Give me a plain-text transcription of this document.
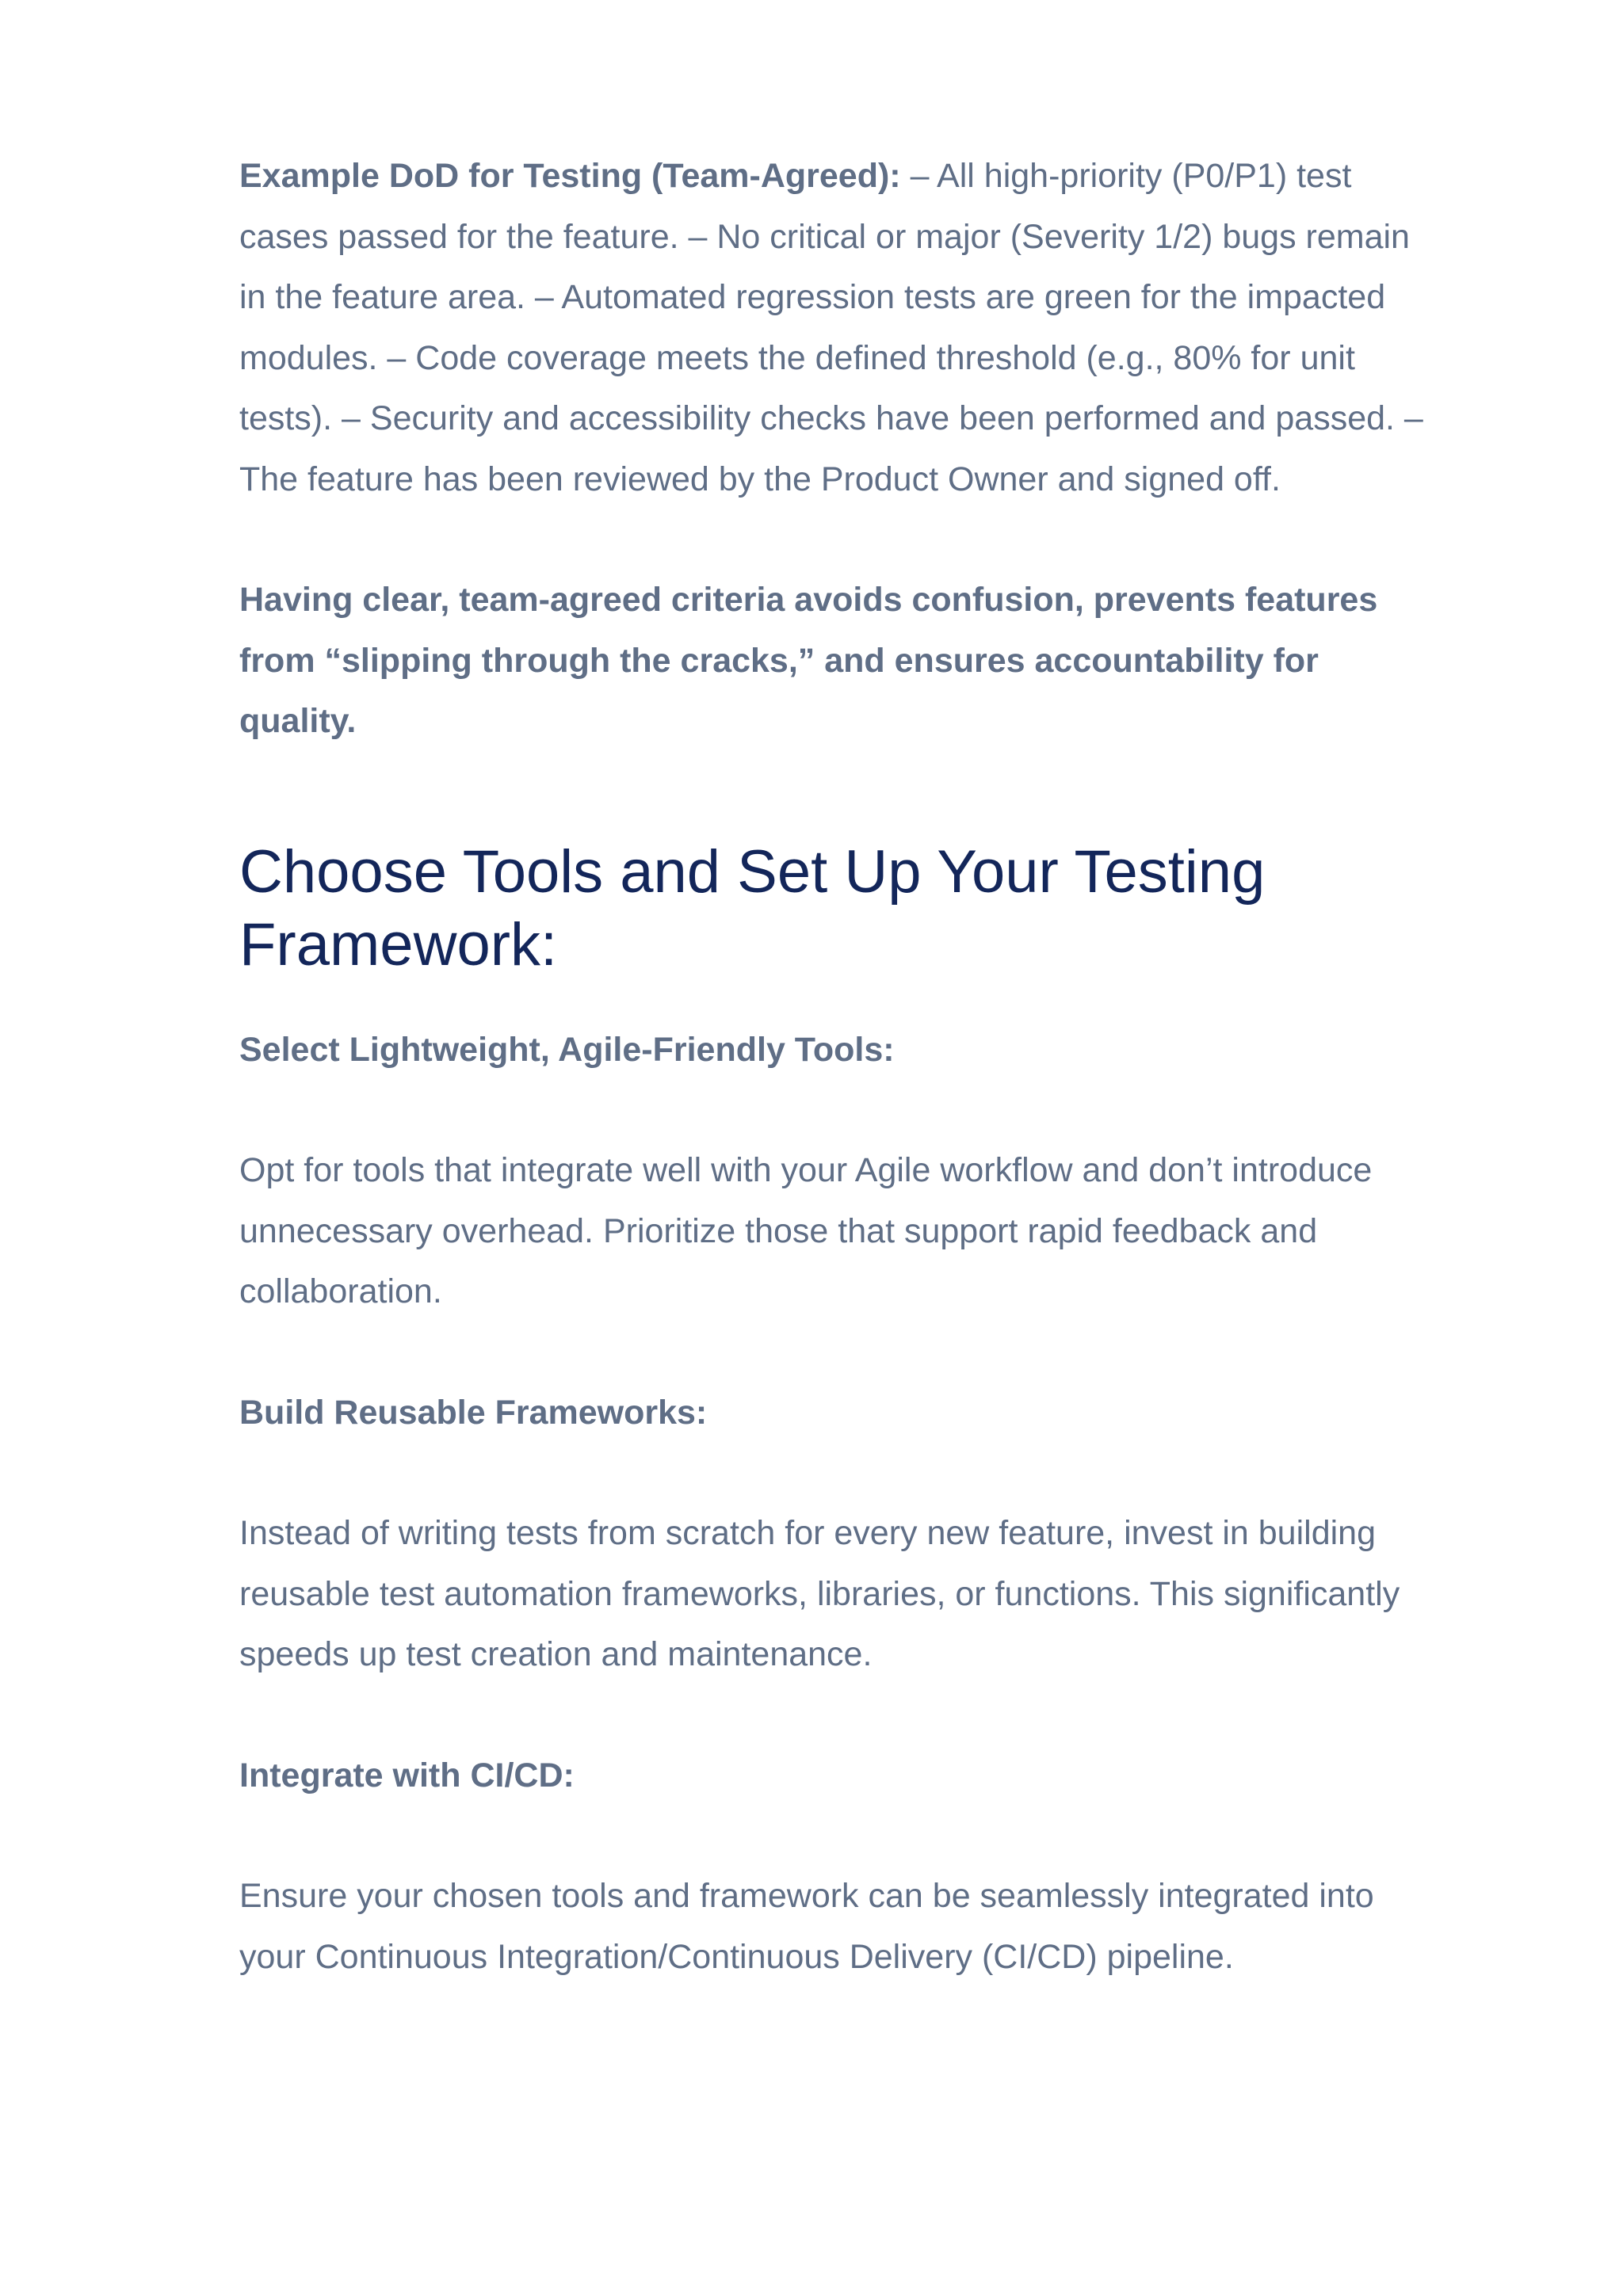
Example DoD for Testing (Team-Agreed): – All high-priority (P0/P1) test cases passed for the feature. – No critical or major (Severity 1/2) bugs remain in the feature area. – Automated regression tests are green for the impacted modules. – Code coverage meets the defined threshold (e.g., 80% for unit tests). – Security and accessibility checks have been performed and passed. – The feature has been reviewed by the Product Owner and signed off.

Having clear, team-agreed criteria avoids confusion, prevents features from “slipping through the cracks,” and ensures accountability for quality.

Choose Tools and Set Up Your Testing Framework:

Select Lightweight, Agile-Friendly Tools:

Opt for tools that integrate well with your Agile workflow and don’t introduce unnecessary overhead. Prioritize those that support rapid feedback and collaboration.

Build Reusable Frameworks:

Instead of writing tests from scratch for every new feature, invest in building reusable test automation frameworks, libraries, or functions. This significantly speeds up test creation and maintenance.

Integrate with CI/CD:

Ensure your chosen tools and framework can be seamlessly integrated into your Continuous Integration/Continuous Delivery (CI/CD) pipeline.
